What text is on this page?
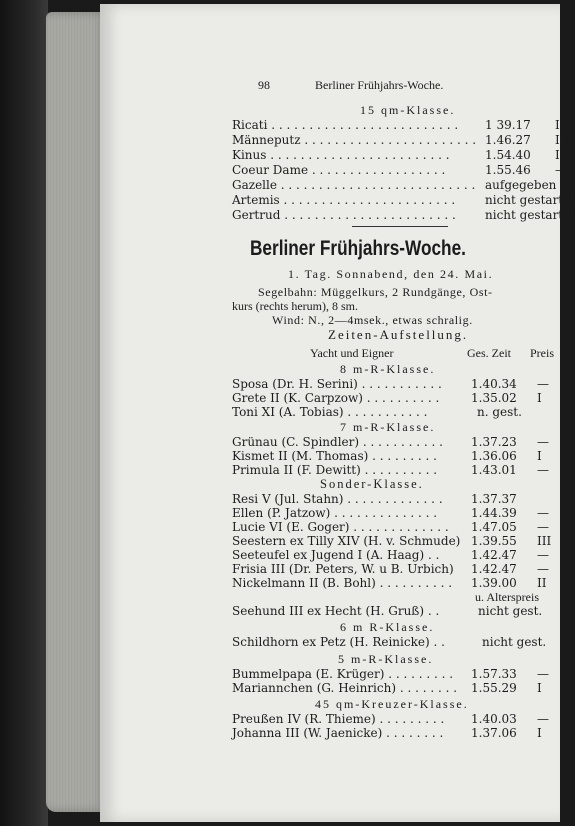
98	Berliner Frühjahrs-Woche.
15 qm-Klasse.
Ricati . . . . . . . . . . . . . . . . . . . . . . . . . 1 39.17 I
Männeputz . . . . . . . . . . . . . . . . . . . . . . . 1.46.27 II
Kinus . . . . . . . . . . . . . . . . . . . . . . . .	1.54.40 III
Coeur Dame . . . . . . . . . . . . . . . . . .	1.55.46 —
Gazelle . . . . . . . . . . . . . . . . . . . . . . . . . . aufgegeben
Artemis . . . . . . . . . . . . . . . . . . . . . . . nicht gestartet
Gertrud . . . . . . . . . . . . . . . . . . . . . . . nicht gestartet
Berliner Frühjahrs-Woche.
1. Tag. Sonnabend, den 24. Mai.
Segelbahn: Müggelkurs, 2 Rundgänge, Ost-
kurs (rechts herum), 8 sm.
Wind: N., 2—4msek., etwas schralig.
Zeiten-Aufstellung.
Yacht und Eigner	Ges. Zeit Preis
8 m-R-Klasse.
Sposa (Dr. H. Serini) . . . . . . . . . . . 1.40.34 —
Grete II (K. Carpzow) . . . . . . . . . .	1.35.02 I
Toni XI (A. Tobias) . . . . . . . . . . .	n. gest.
7 m-R-Klasse.
Grünau (C. Spindler) . . . . . . . . . . . 1.37.23 —
Kismet II (M. Thomas) . . . . . . . . .	1.36.06 I
Primula II (F. Dewitt) . . . . . . . . . .	1.43.01 —
Sonder-Klasse.
Resi V (Jul. Stahn) . . . . . . . . . . . . . 1.37.37
Ellen (P. Jatzow) . . . . . . . . . . . . . .	1.44.39 —
Lucie VI (E. Goger) . . . . . . . . . . . . . 1.47.05 —
Seestern ex Tilly XIV (H. v. Schmude) 1.39.55 III
Seeteufel ex Jugend I (A. Haag) . .	1.42.47 —
Frisia III (Dr. Peters, W. u B. Urbich) 1.42.47 —
Nickelmann II (B. Bohl) . . . . . . . . . . 1.39.00 II
u. Alterspreis
Seehund III ex Hecht (H. Gruß) . .	nicht gest.
6 m R-Klasse.
Schildhorn ex Petz (H. Reinicke) . .	nicht gest.
5 m-R-Klasse.
Bummelpapa (E. Krüger) . . . . . . . . . 1.57.33 —
Mariannchen (G. Heinrich) . . . . . . . . 1.55.29 I
45 qm-Kreuzer-Klasse.
Preußen IV (R. Thieme) . . . . . . . . . 1.40.03 —
Johanna III (W. Jaenicke) . . . . . . . . 1.37.06 I
